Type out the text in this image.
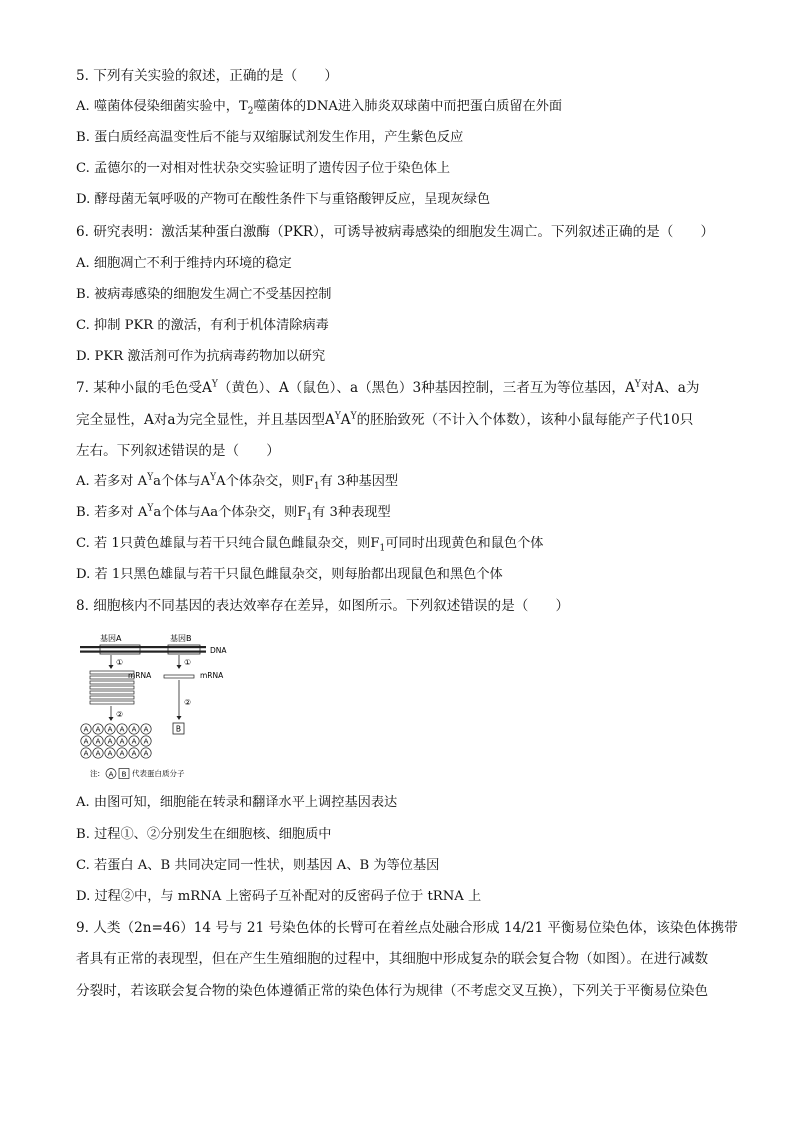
5. 下列有关实验的叙述，正确的是（　　）
A. 噬菌体侵染细菌实验中，$T_2$噬菌体的DNA进入肺炎双球菌中而把蛋白质留在外面
B. 蛋白质经高温变性后不能与双缩脲试剂发生作用，产生紫色反应
C. 孟德尔的一对相对性状杂交实验证明了遗传因子位于染色体上
D. 酵母菌无氧呼吸的产物可在酸性条件下与重铬酸钾反应，呈现灰绿色
6. 研究表明：激活某种蛋白激酶（PKR），可诱导被病毒感染的细胞发生凋亡。下列叙述正确的是（　　）
A. 细胞凋亡不利于维持内环境的稳定
B. 被病毒感染的细胞发生凋亡不受基因控制
C. 抑制 PKR 的激活，有利于机体清除病毒
D. PKR 激活剂可作为抗病毒药物加以研究
7. 某种小鼠的毛色受$A^Y$（黄色）、A（鼠色）、a（黑色）3种基因控制，三者互为等位基因，$A^Y$对A、a为
完全显性，A对a为完全显性，并且基因型$A^YA^Y$的胚胎致死（不计入个体数），该种小鼠每能产子代10只
左右。下列叙述错误的是（　　）
A. 若多对 $A^Ya$个体与$A^YA$个体杂交，则$F_1$有 3种基因型
B. 若多对 $A^Ya$个体与Aa个体杂交，则$F_1$有 3种表现型
C. 若 1只黄色雄鼠与若干只纯合鼠色雌鼠杂交，则$F_1$可同时出现黄色和鼠色个体
D. 若 1只黑色雄鼠与若干只鼠色雌鼠杂交，则每胎都出现鼠色和黑色个体
8. 细胞核内不同基因的表达效率存在差异，如图所示。下列叙述错误的是（　　）
基因A	基因B
DNA
①	①
mRNA	mRNA
②
②
A A A A A A
A A A A A A
A A A A A A
B
注: A B 代表蛋白质分子
A. 由图可知，细胞能在转录和翻译水平上调控基因表达
B. 过程①、②分别发生在细胞核、细胞质中
C. 若蛋白 A、B 共同决定同一性状，则基因 A、B 为等位基因
D. 过程②中，与 mRNA 上密码子互补配对的反密码子位于 tRNA 上
9. 人类（2n=46）14 号与 21 号染色体的长臂可在着丝点处融合形成 14/21 平衡易位染色体，该染色体携带
者具有正常的表现型，但在产生生殖细胞的过程中，其细胞中形成复杂的联会复合物（如图）。在进行减数
分裂时，若该联会复合物的染色体遵循正常的染色体行为规律（不考虑交叉互换），下列关于平衡易位染色
